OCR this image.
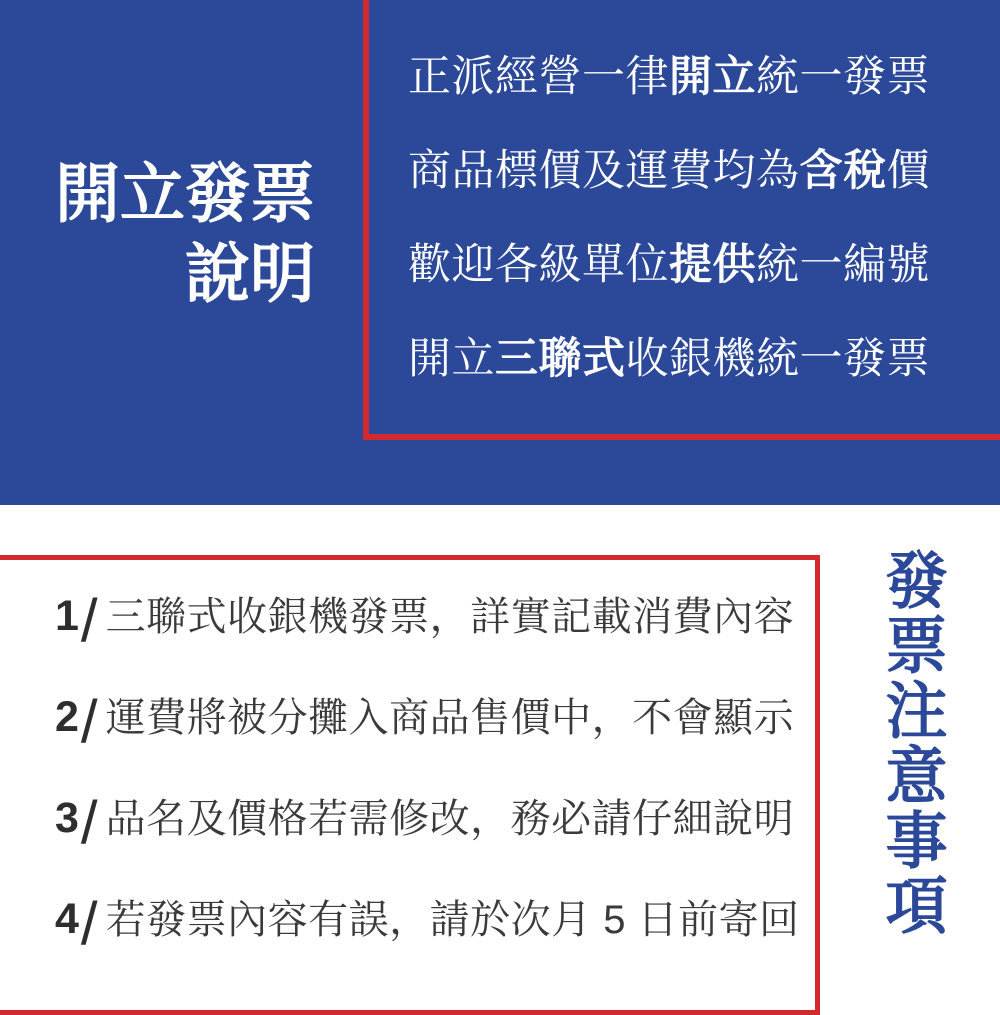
開立發票
說明
正派經營一律開立統一發票
商品標價及運費均為含稅價
歡迎各級單位提供統一編號
開立三聯式收銀機統一發票
1/ 三聯式收銀機發票，詳實記載消費內容
2/ 運費將被分攤入商品售價中，不會顯示
3/ 品名及價格若需修改，務必請仔細說明
4/ 若發票內容有誤，請於次月 5 日前寄回 發票注意事項
